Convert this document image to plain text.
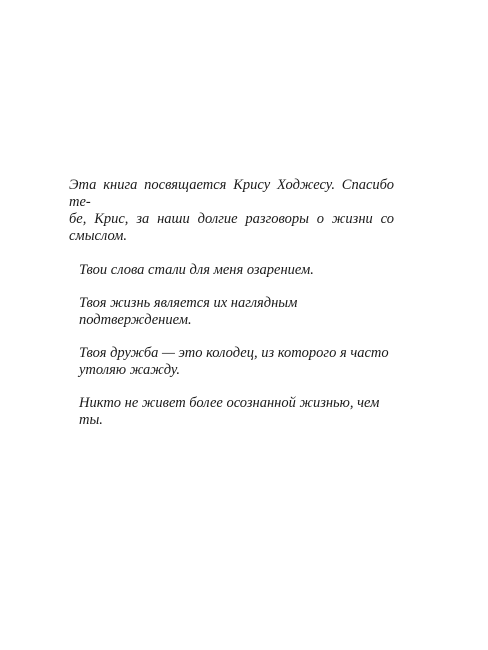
Эта книга посвящается Крису Ходжесу. Спасибо те-
бе, Крис, за наши долгие разговоры о жизни со смыслом.

Твои слова стали для меня озарением.

Твоя жизнь является их наглядным подтверждением.

Твоя дружба — это колодец, из которого я часто
утоляю жажду.

Никто не живет более осознанной жизнью, чем ты.
